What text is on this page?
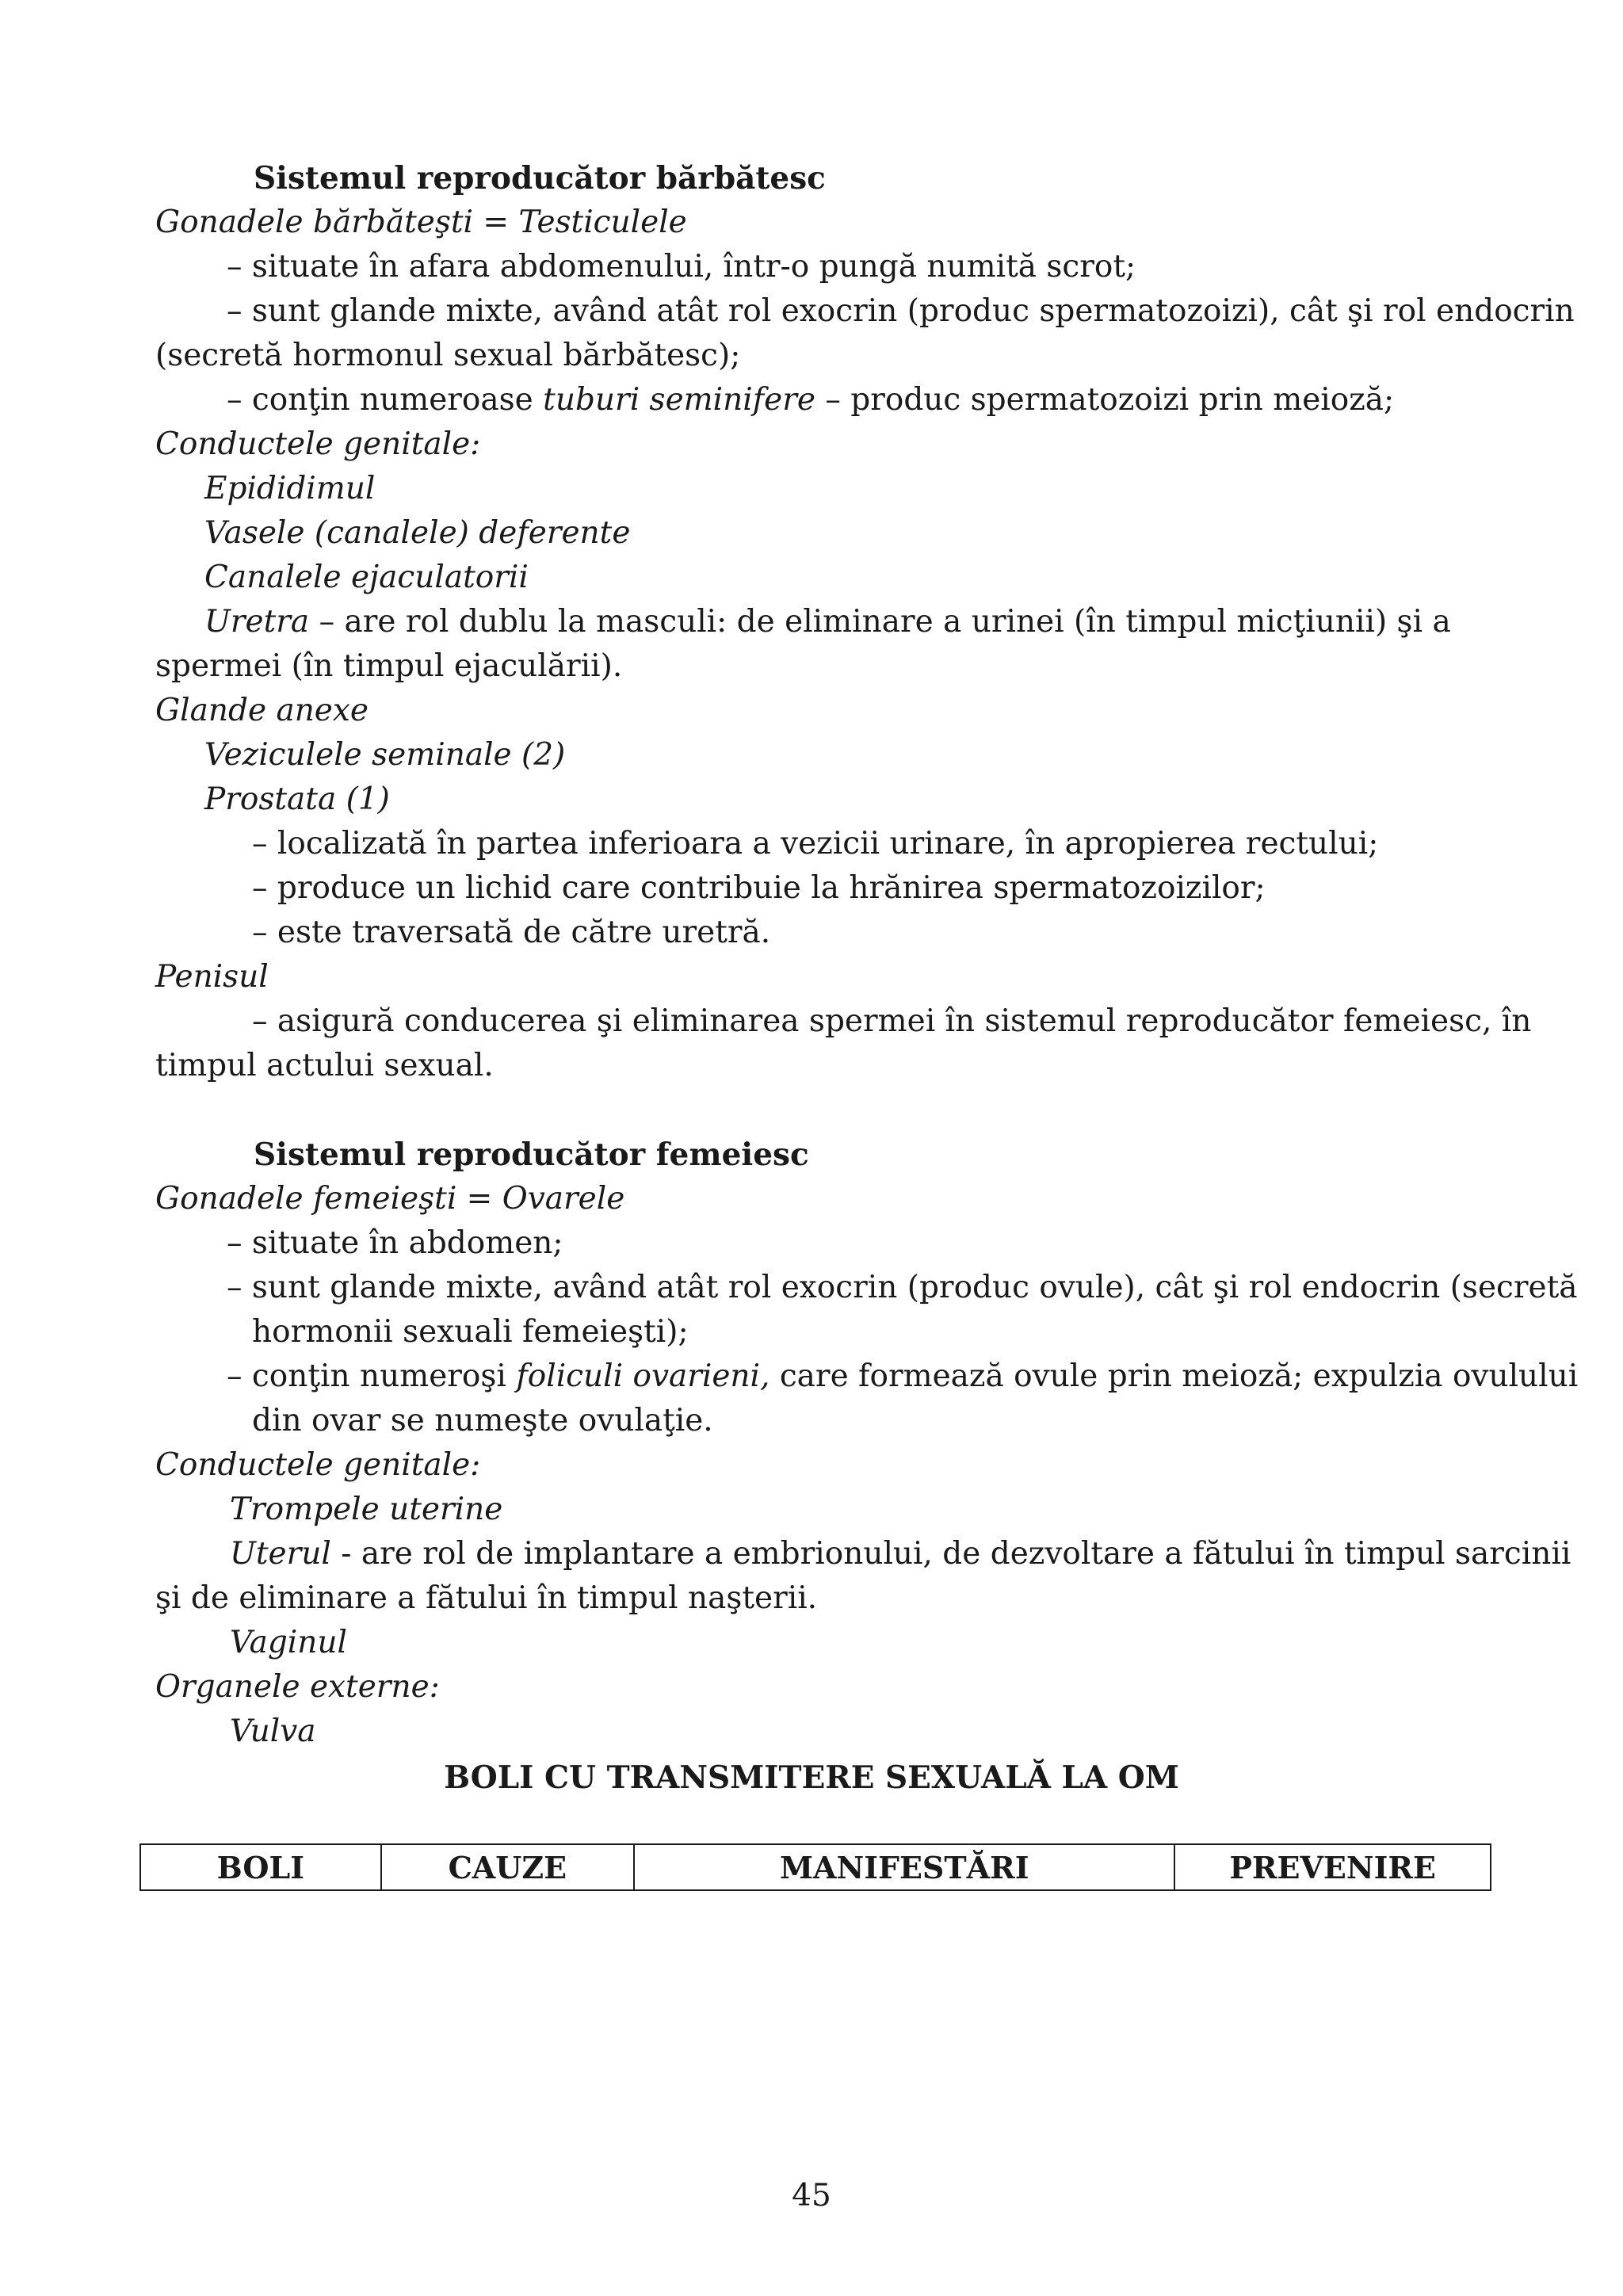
Sistemul reproducător bărbătesc
Gonadele bărbăteşti = Testiculele
– situate în afara abdomenului, într-o pungă numită scrot;
– sunt glande mixte, având atât rol exocrin (produc spermatozoizi), cât şi rol endocrin
(secretă hormonul sexual bărbătesc);
– conţin numeroase tuburi seminifere – produc spermatozoizi prin meioză;
Conductele genitale:
Epididimul
Vasele (canalele) deferente
Canalele ejaculatorii
Uretra – are rol dublu la masculi: de eliminare a urinei (în timpul micţiunii) şi a
spermei (în timpul ejaculării).
Glande anexe
Veziculele seminale (2)
Prostata (1)
– localizată în partea inferioara a vezicii urinare, în apropierea rectului;
– produce un lichid care contribuie la hrănirea spermatozoizilor;
– este traversată de către uretră.
Penisul
– asigură conducerea şi eliminarea spermei în sistemul reproducător femeiesc, în
timpul actului sexual.
Sistemul reproducător femeiesc
Gonadele femeieşti = Ovarele
– situate în abdomen;
– sunt glande mixte, având atât rol exocrin (produc ovule), cât şi rol endocrin (secretă
hormonii sexuali femeieşti);
– conţin numeroşi foliculi ovarieni, care formează ovule prin meioză; expulzia ovulului
din ovar se numeşte ovulaţie.
Conductele genitale:
Trompele uterine
Uterul - are rol de implantare a embrionului, de dezvoltare a fătului în timpul sarcinii
şi de eliminare a fătului în timpul naşterii.
Vaginul
Organele externe:
Vulva
BOLI CU TRANSMITERE SEXUALĂ LA OM
BOLI	CAUZE	MANIFESTĂRI	PREVENIRE
45
